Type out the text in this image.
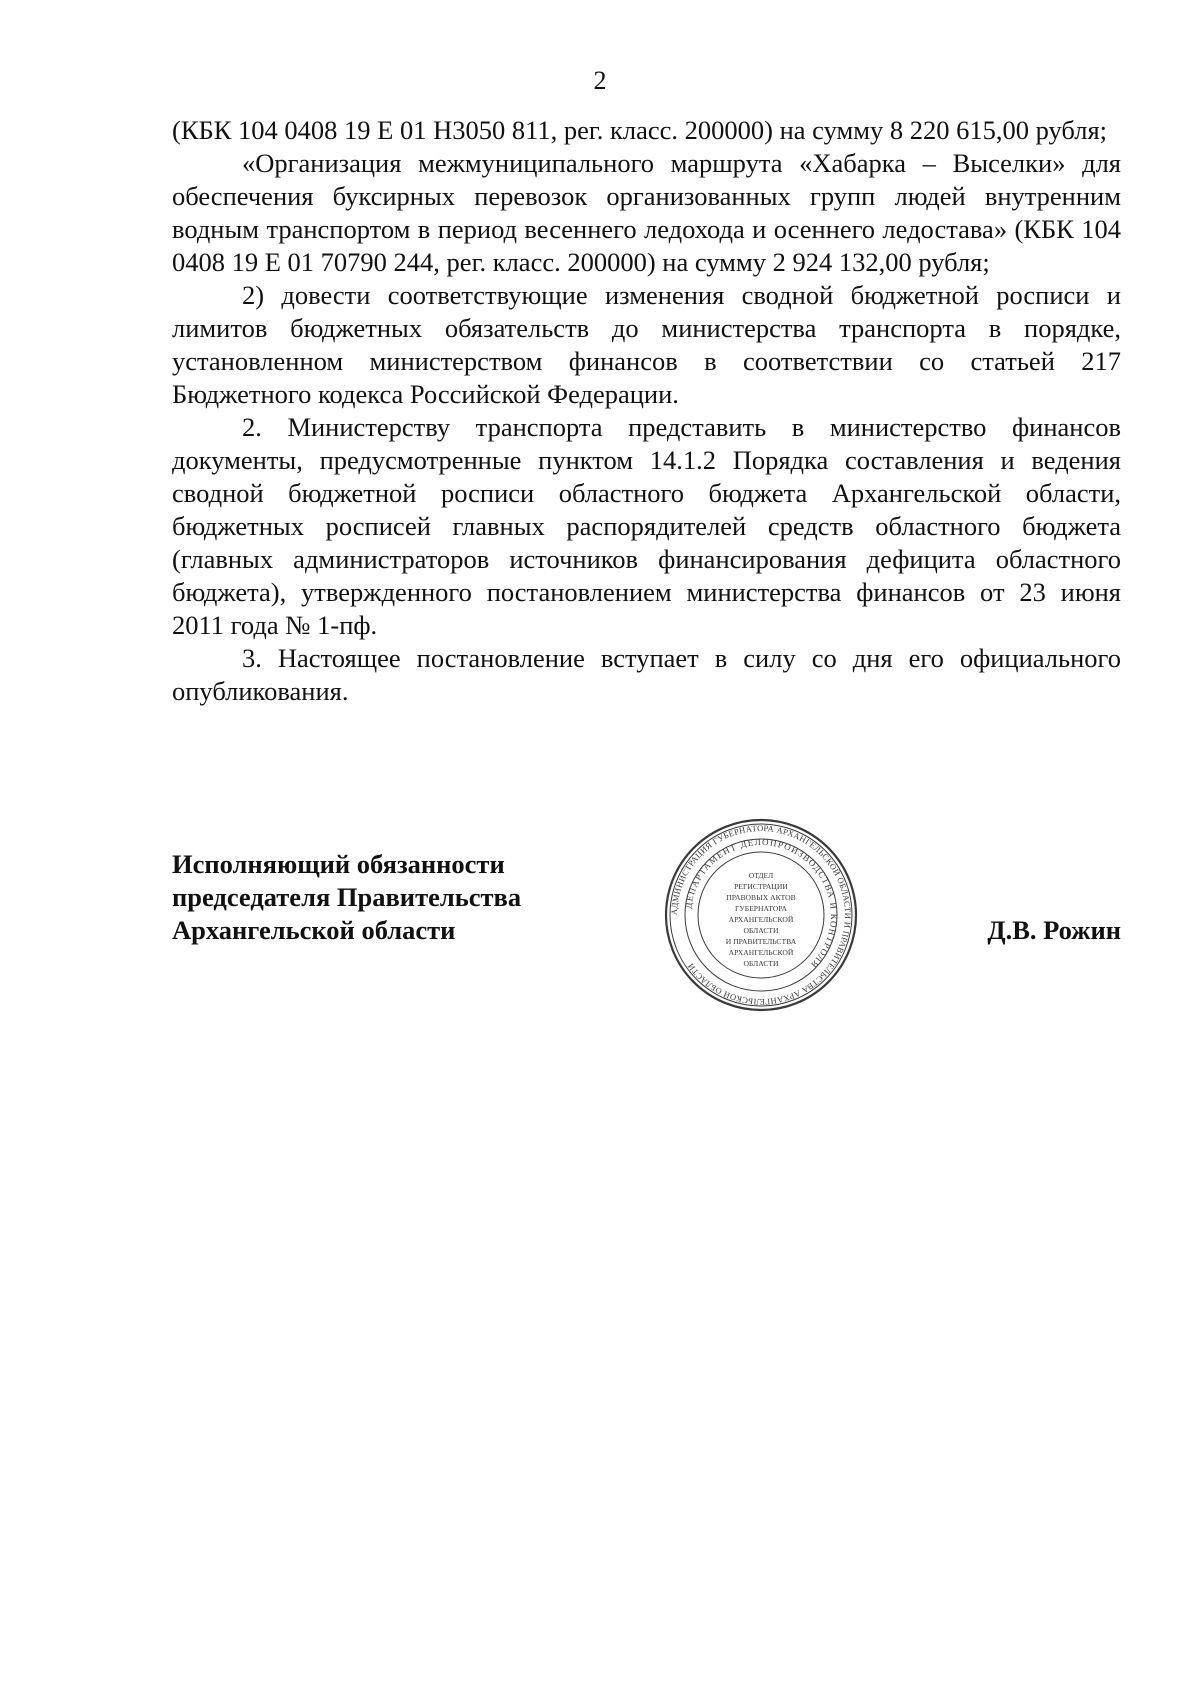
2

(КБК 104 0408 19 Е 01 Н3050 811, рег. класс. 200000) на сумму 8 220 615,00 рубля;

«Организация межмуниципального маршрута «Хабарка – Выселки» для обеспечения буксирных перевозок организованных групп людей внутренним водным транспортом в период весеннего ледохода и осеннего ледостава» (КБК 104 0408 19 Е 01 70790 244, рег. класс. 200000) на сумму 2 924 132,00 рубля;

2) довести соответствующие изменения сводной бюджетной росписи и лимитов бюджетных обязательств до министерства транспорта в порядке, установленном министерством финансов в соответствии со статьей 217 Бюджетного кодекса Российской Федерации.

2. Министерству транспорта представить в министерство финансов документы, предусмотренные пунктом 14.1.2 Порядка составления и ведения сводной бюджетной росписи областного бюджета Архангельской области, бюджетных росписей главных распорядителей средств областного бюджета (главных администраторов источников финансирования дефицита областного бюджета), утвержденного постановлением министерства финансов от 23 июня 2011 года № 1-пф.

3. Настоящее постановление вступает в силу со дня его официального опубликования.

Исполняющий обязанности
председателя Правительства
Архангельской области	Д.В. Рожин
АДМИНИСТРАЦИЯ ГУБЕРНАТОРА АРХАНГЕЛЬСКОЙ ОБЛАСТИ И ПРАВИТЕЛЬСТВА АРХАНГЕЛЬСКОЙ ОБЛАСТИ
ДЕПАРТАМЕНТ ДЕЛОПРОИЗВОДСТВА И КОНТРОЛЯ
ОТДЕЛ
РЕГИСТРАЦИИ
ПРАВОВЫХ АКТОВ
ГУБЕРНАТОРА
АРХАНГЕЛЬСКОЙ
ОБЛАСТИ
И ПРАВИТЕЛЬСТВА
АРХАНГЕЛЬСКОЙ
ОБЛАСТИ
